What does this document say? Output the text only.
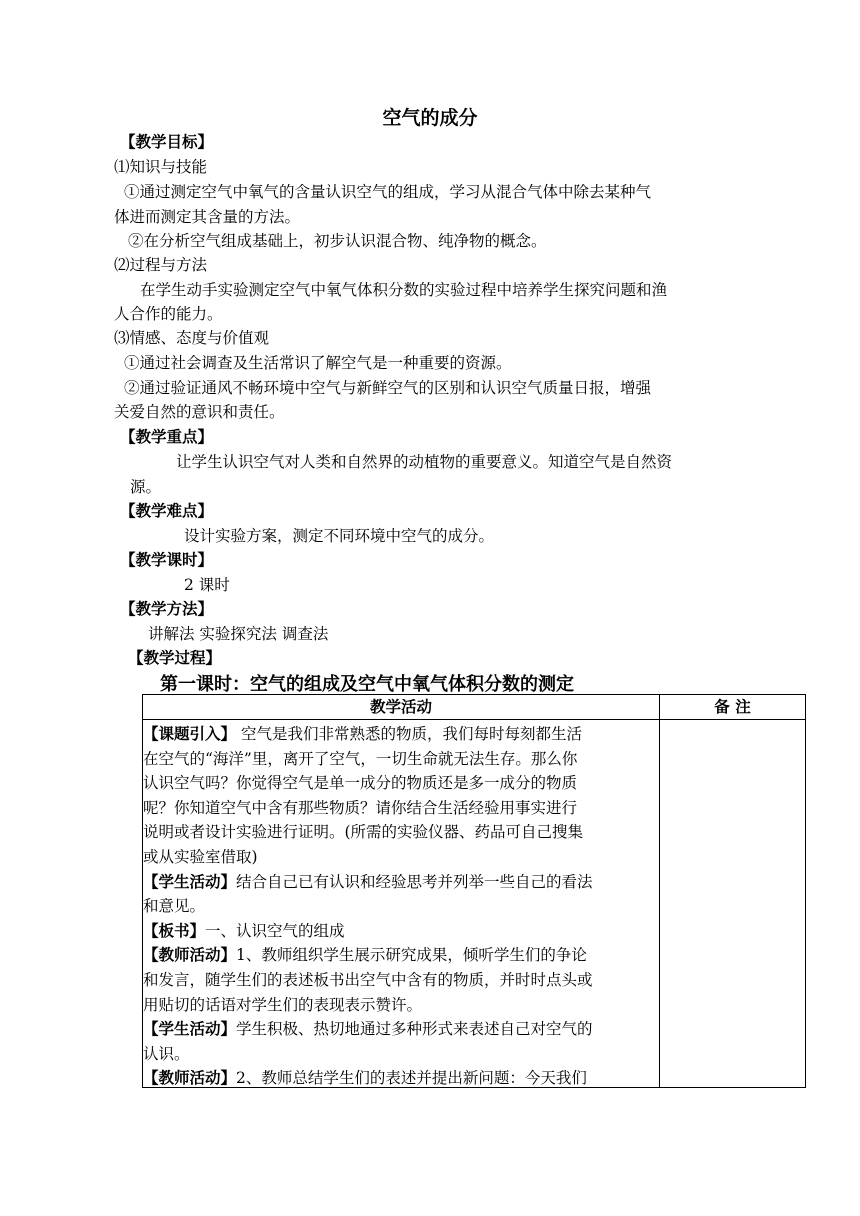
空气的成分
【教学目标】
⑴知识与技能
①通过测定空气中氧气的含量认识空气的组成，学习从混合气体中除去某种气
体进而测定其含量的方法。
②在分析空气组成基础上，初步认识混合物、纯净物的概念。
⑵过程与方法
在学生动手实验测定空气中氧气体积分数的实验过程中培养学生探究问题和渔
人合作的能力。
⑶情感、态度与价值观
①通过社会调查及生活常识了解空气是一种重要的资源。
②通过验证通风不畅环境中空气与新鲜空气的区别和认识空气质量日报，增强
关爱自然的意识和责任。
【教学重点】
让学生认识空气对人类和自然界的动植物的重要意义。知道空气是自然资
源。
【教学难点】
设计实验方案，测定不同环境中空气的成分。
【教学课时】
2 课时
【教学方法】
讲解法 实验探究法 调查法
【教学过程】
第一课时：空气的组成及空气中氧气体积分数的测定
教学活动	备 注
【课题引入】 空气是我们非常熟悉的物质，我们每时每刻都生活
在空气的“海洋”里，离开了空气，一切生命就无法生存。那么你
认识空气吗？你觉得空气是单一成分的物质还是多一成分的物质
呢？你知道空气中含有那些物质？请你结合生活经验用事实进行
说明或者设计实验进行证明。(所需的实验仪器、药品可自己搜集
或从实验室借取)
【学生活动】结合自己已有认识和经验思考并列举一些自己的看法
和意见。
【板书】一、认识空气的组成
【教师活动】1、教师组织学生展示研究成果，倾听学生们的争论
和发言，随学生们的表述板书出空气中含有的物质，并时时点头或
用贴切的话语对学生们的表现表示赞许。
【学生活动】学生积极、热切地通过多种形式来表述自己对空气的
认识。
【教师活动】2、教师总结学生们的表述并提出新问题：今天我们
